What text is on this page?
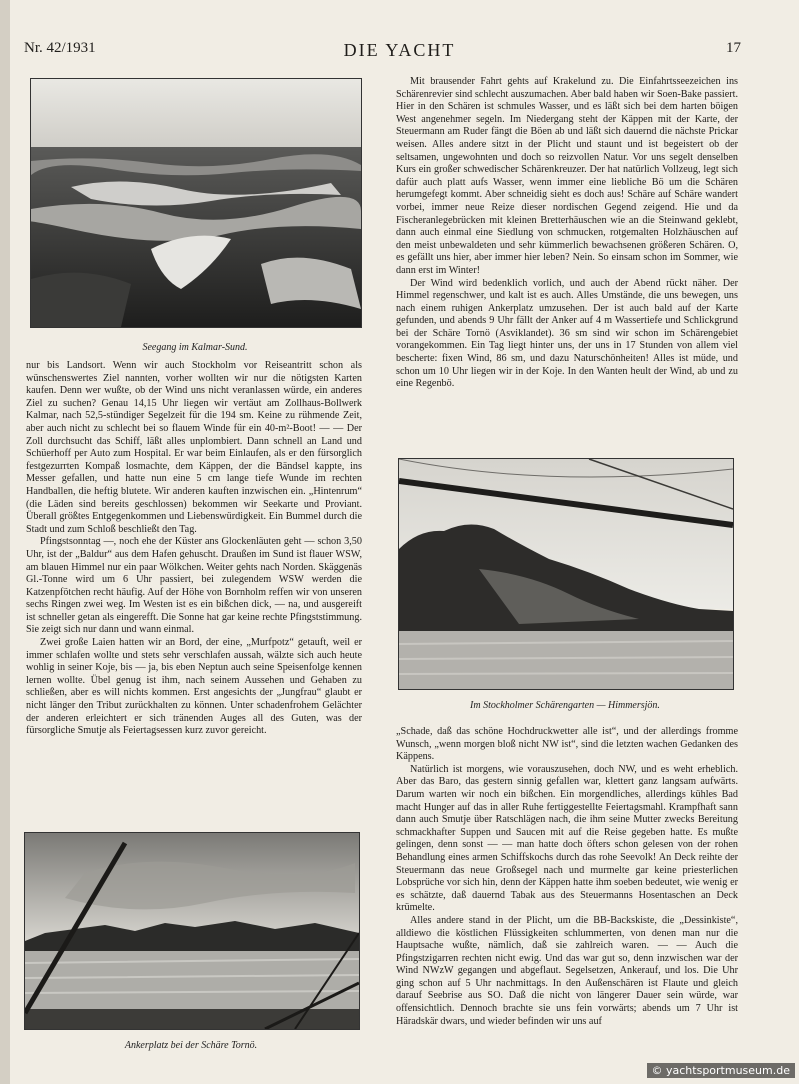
Nr. 42/1931	DIE YACHT	17
Seegang im Kalmar-Sund.

nur bis Landsort. Wenn wir auch Stockholm vor Reiseantritt schon als wünschenswertes Ziel nannten, vorher wollten wir nur die nötigsten Karten kaufen. Denn wer wußte, ob der Wind uns nicht veranlassen würde, ein anderes Ziel zu suchen? Genau 14,15 Uhr liegen wir vertäut am Zollhaus-Bollwerk Kalmar, nach 52,5-stündiger Segelzeit für die 194 sm. Keine zu rühmende Zeit, aber auch nicht zu schlecht bei so flauem Winde für ein 40-m²-Boot! — — Der Zoll durchsucht das Schiff, läßt alles unplombiert. Dann schnell an Land und Schüerhoff per Auto zum Hospital. Er war beim Einlaufen, als er den fürsorglich festgezurrten Kompaß losmachte, dem Käppen, der die Bändsel kappte, ins Messer gefallen, und hatte nun eine 5 cm lange tiefe Wunde im rechten Handballen, die heftig blutete. Wir anderen kauften inzwischen ein. „Hintenrum“ (die Läden sind bereits geschlossen) bekommen wir Seekarte und Proviant. Überall größtes Entgegenkommen und Liebenswürdigkeit. Ein Bummel durch die Stadt und zum Schloß beschließt den Tag.

Pfingstsonntag —, noch ehe der Küster ans Glockenläuten geht — schon 3,50 Uhr, ist der „Baldur“ aus dem Hafen gehuscht. Draußen im Sund ist flauer WSW, am blauen Himmel nur ein paar Wölkchen. Weiter gehts nach Norden. Skäggenäs Gl.-Tonne wird um 6 Uhr passiert, bei zulegendem WSW werden die Katzenpfötchen recht häufig. Auf der Höhe von Bornholm reffen wir von unseren sechs Ringen zwei weg. Im Westen ist es ein bißchen dick, — na, und ausgereift ist schneller getan als eingerefft. Die Sonne hat gar keine rechte Pfingststimmung. Sie zeigt sich nur dann und wann einmal.

Zwei große Laien hatten wir an Bord, der eine, „Murfpotz“ getauft, weil er immer schlafen wollte und stets sehr verschlafen aussah, wälzte sich auch heute wohlig in seiner Koje, bis — ja, bis eben Neptun auch seine Speisenfolge kennen lernen wollte. Übel genug ist ihm, nach seinem Aussehen und Gehaben zu schließen, aber es will nichts kommen. Erst angesichts der „Jungfrau“ glaubt er nicht länger den Tribut zurückhalten zu können. Unter schadenfrohem Gelächter der anderen erleichtert er sich tränenden Auges all des Guten, was der fürsorgliche Smutje als Feiertagsessen kurz zuvor gereicht.

Ankerplatz bei der Schäre Tornö.

Mit brausender Fahrt gehts auf Krakelund zu. Die Einfahrtsseezeichen ins Schärenrevier sind schlecht auszumachen. Aber bald haben wir Soen-Bake passiert. Hier in den Schären ist schmules Wasser, und es läßt sich bei dem harten böigen West angenehmer segeln. Im Niedergang steht der Käppen mit der Karte, der Steuermann am Ruder fängt die Böen ab und läßt sich dauernd die nächste Prickar weisen. Alles andere sitzt in der Plicht und staunt und ist begeistert ob der seltsamen, ungewohnten und doch so reizvollen Natur. Vor uns segelt denselben Kurs ein großer schwedischer Schärenkreuzer. Der hat natürlich Vollzeug, legt sich dafür auch platt aufs Wasser, wenn immer eine liebliche Bö um die Schären herumgefegt kommt. Aber schneidig sieht es doch aus! Schäre auf Schäre wandert vorbei, immer neue Reize dieser nordischen Gegend zeigend. Hie und da Fischeranlegebrücken mit kleinen Bretterhäuschen wie an die Steinwand geklebt, dann auch einmal eine Siedlung von schmucken, rotgemalten Holzhäuschen auf den meist unbewaldeten und sehr kümmerlich bewachsenen größeren Schären. O, es gefällt uns hier, aber immer hier leben? Nein. So einsam schon im Sommer, wie dann erst im Winter!

Der Wind wird bedenklich vorlich, und auch der Abend rückt näher. Der Himmel regenschwer, und kalt ist es auch. Alles Umstände, die uns bewegen, uns nach einem ruhigen Ankerplatz umzusehen. Der ist auch bald auf der Karte gefunden, und abends 9 Uhr fällt der Anker auf 4 m Wassertiefe und Schlickgrund bei der Schäre Tornö (Asviklandet). 36 sm sind wir schon im Schärengebiet vorangekommen. Ein Tag liegt hinter uns, der uns in 17 Stunden von allem viel bescherte: fixen Wind, 86 sm, und dazu Naturschönheiten! Alles ist müde, und schon um 10 Uhr liegen wir in der Koje. In den Wanten heult der Wind, ab und zu eine Regenbö.

Im Stockholmer Schärengarten — Himmersjön.

„Schade, daß das schöne Hochdruckwetter alle ist“, und der allerdings fromme Wunsch, „wenn morgen bloß nicht NW ist“, sind die letzten wachen Gedanken des Käppens.

Natürlich ist morgens, wie vorauszusehen, doch NW, und es weht erheblich. Aber das Baro, das gestern sinnig gefallen war, klettert ganz langsam aufwärts. Darum warten wir noch ein bißchen. Ein morgendliches, allerdings kühles Bad macht Hunger auf das in aller Ruhe fertiggestellte Feiertagsmahl. Krampfhaft sann dann auch Smutje über Ratschlägen nach, die ihm seine Mutter zwecks Bereitung schmackhafter Suppen und Saucen mit auf die Reise gegeben hatte. Es mußte gelingen, denn sonst — — man hatte doch öfters schon gelesen von der rohen Behandlung eines armen Schiffskochs durch das rohe Seevolk! An Deck reihte der Steuermann das neue Großsegel nach und murmelte gar keine priesterlichen Lobsprüche vor sich hin, denn der Käppen hatte ihm soeben bedeutet, wie wenig er es schätzte, daß dauernd Tabak aus des Steuermanns Hosentaschen an Deck krümelte.

Alles andere stand in der Plicht, um die BB-Backskiste, die „Dessinkiste“, alldiewo die köstlichen Flüssigkeiten schlummerten, von denen man nur die Hauptsache wußte, nämlich, daß sie zahlreich waren. — — Auch die Pfingstzigarren rechten nicht ewig. Und das war gut so, denn inzwischen war der Wind NWzW gegangen und abgeflaut. Segelsetzen, Ankerauf, und los. Die Uhr ging schon auf 5 Uhr nachmittags. In den Außenschären ist Flaute und gleich darauf Seebrise aus SO. Daß die nicht von längerer Dauer sein würde, war offensichtlich. Dennoch brachte sie uns fein vorwärts; abends um 7 Uhr ist Häradskär dwars, und wieder befinden wir uns auf

© yachtsportmuseum.de
